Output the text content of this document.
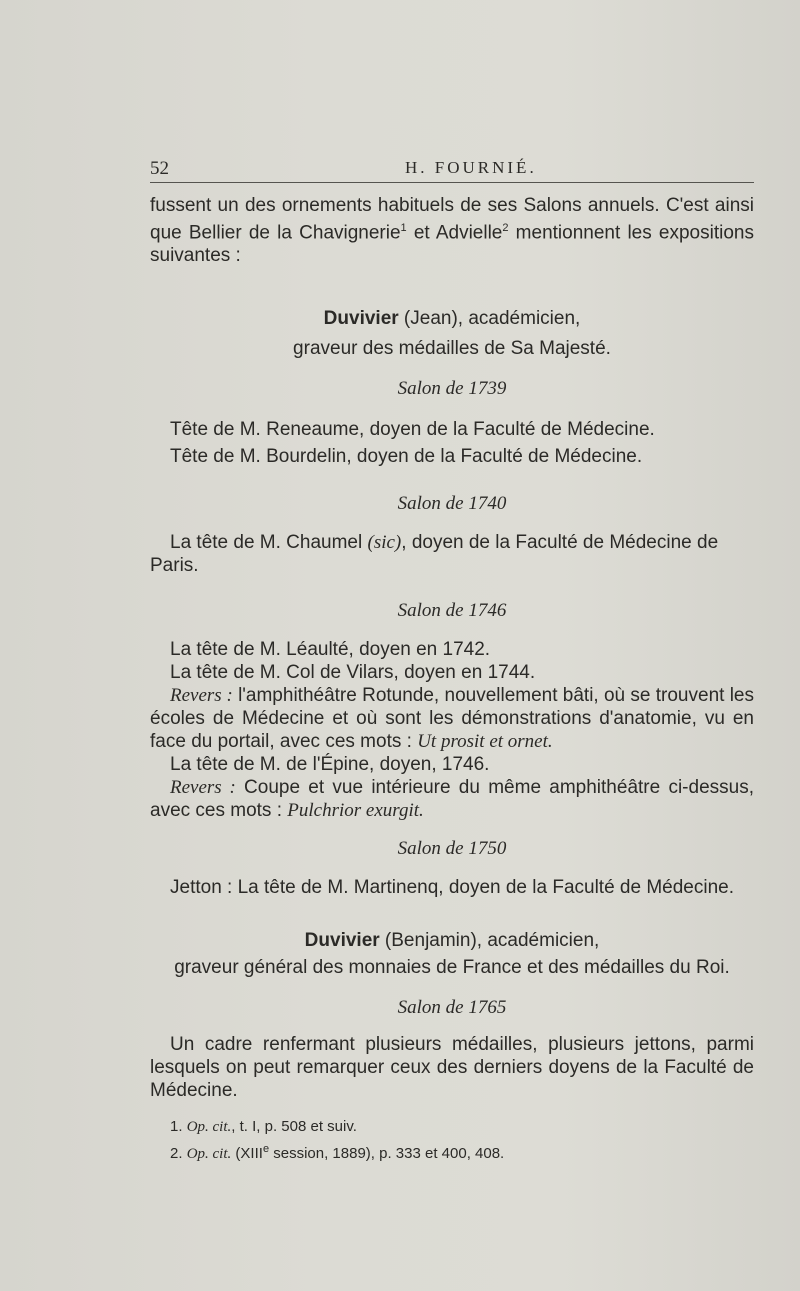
52	H. FOURNIÉ.

fussent un des ornements habituels de ses Salons annuels. C'est ainsi que Bellier de la Chavignerie$^1$ et Advielle$^2$ mentionnent les expositions suivantes :

Duvivier (Jean), académicien,

graveur des médailles de Sa Majesté.

Salon de 1739

Tête de M. Reneaume, doyen de la Faculté de Médecine.

Tête de M. Bourdelin, doyen de la Faculté de Médecine.

Salon de 1740

La tête de M. Chaumel (sic), doyen de la Faculté de Médecine de Paris.

Salon de 1746

La tête de M. Léaulté, doyen en 1742.

La tête de M. Col de Vilars, doyen en 1744.

Revers : l'amphithéâtre Rotunde, nouvellement bâti, où se trouvent les écoles de Médecine et où sont les démonstrations d'anatomie, vu en face du portail, avec ces mots : Ut prosit et ornet.

La tête de M. de l'Épine, doyen, 1746.

Revers : Coupe et vue intérieure du même amphithéâtre ci-dessus, avec ces mots : Pulchrior exurgit.

Salon de 1750

Jetton : La tête de M. Martinenq, doyen de la Faculté de Médecine.

Duvivier (Benjamin), académicien,

graveur général des monnaies de France et des médailles du Roi.

Salon de 1765

Un cadre renfermant plusieurs médailles, plusieurs jettons, parmi lesquels on peut remarquer ceux des derniers doyens de la Faculté de Médecine.

1. Op. cit., t. I, p. 508 et suiv.

2. Op. cit. (XIIIe session, 1889), p. 333 et 400, 408.
